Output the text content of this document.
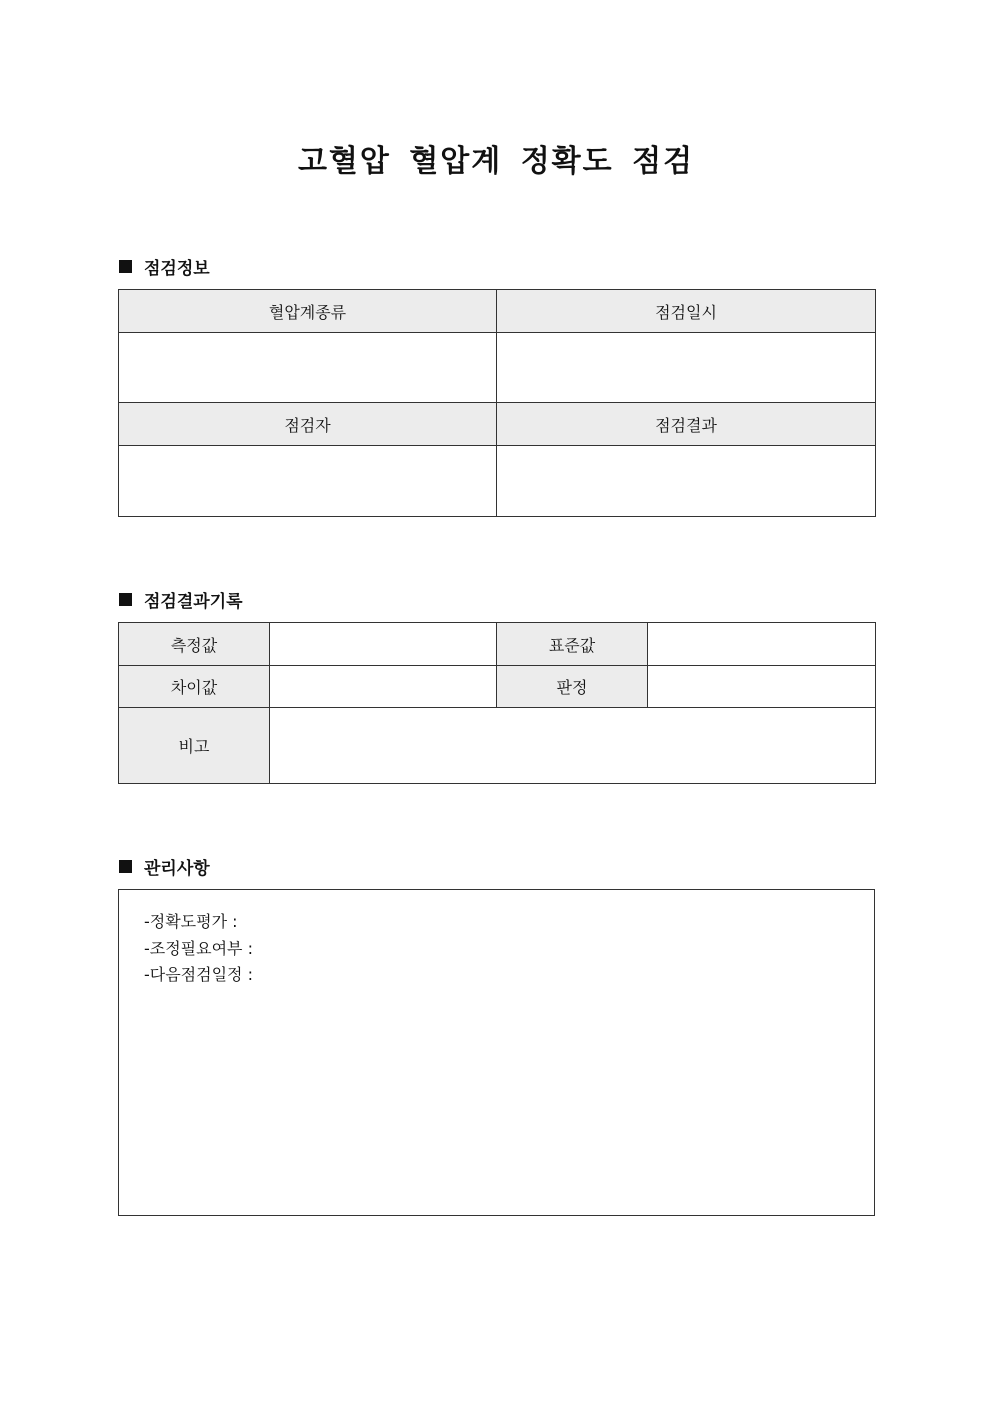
고혈압 혈압계 정확도 점검
점검정보
혈압계종류	점검일시

점검자	점검결과

점검결과기록
측정값		표준값	
차이값		판정	
비고			
관리사항
-정확도평가 :
-조정필요여부 :
-다음점검일정 :
